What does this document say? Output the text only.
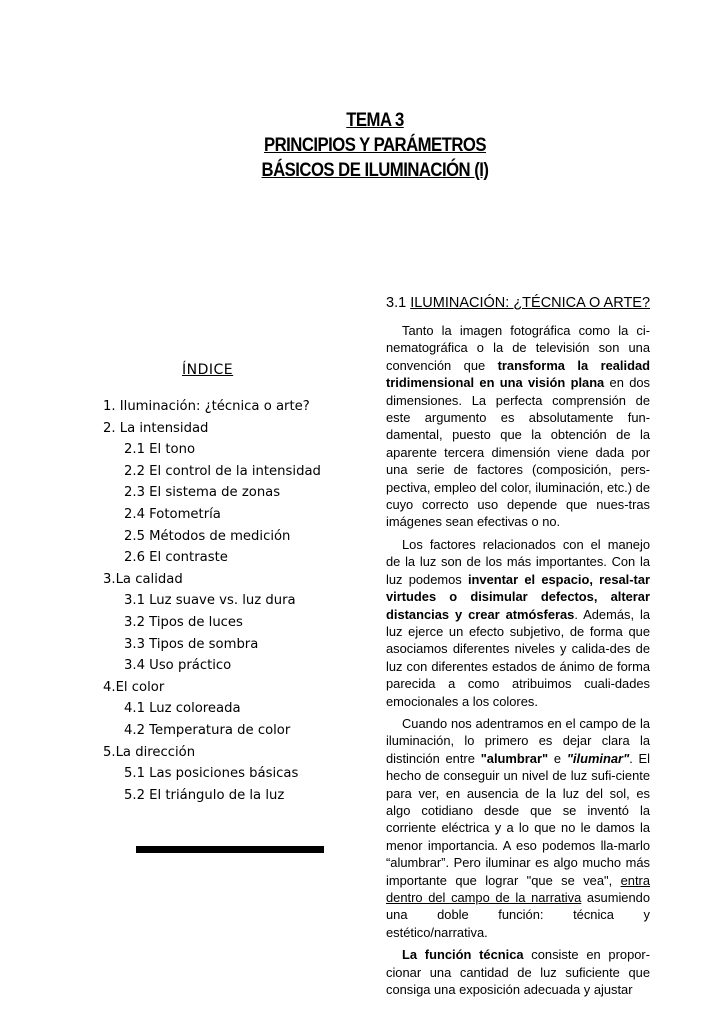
TEMA 3
PRINCIPIOS Y PARÁMETROS
BÁSICOS DE ILUMINACIÓN (I)
ÍNDICE
1. Iluminación: ¿técnica o arte?
2. La intensidad
2.1 El tono
2.2 El control de la intensidad
2.3 El sistema de zonas
2.4 Fotometría
2.5 Métodos de medición
2.6 El contraste
3.La calidad
3.1 Luz suave vs. luz dura
3.2 Tipos de luces
3.3 Tipos de sombra
3.4 Uso práctico
4.El color
4.1 Luz coloreada
4.2 Temperatura de color
5.La dirección
5.1 Las posiciones básicas
5.2 El triángulo de la luz
3.1 ILUMINACIÓN: ¿TÉCNICA O ARTE?

Tanto la imagen fotográfica como la ci-nematográfica o la de televisión son una convención que transforma la realidad tridimensional en una visión plana en dos dimensiones. La perfecta comprensión de este argumento es absolutamente fun-damental, puesto que la obtención de la aparente tercera dimensión viene dada por una serie de factores (composición, pers-pectiva, empleo del color, iluminación, etc.) de cuyo correcto uso depende que nues-tras imágenes sean efectivas o no.

Los factores relacionados con el manejo de la luz son de los más importantes. Con la luz podemos inventar el espacio, resal-tar virtudes o disimular defectos, alterar distancias y crear atmósferas. Además, la luz ejerce un efecto subjetivo, de forma que asociamos diferentes niveles y calida-des de luz con diferentes estados de ánimo de forma parecida a como atribuimos cuali-dades emocionales a los colores.

Cuando nos adentramos en el campo de la iluminación, lo primero es dejar clara la distinción entre "alumbrar" e "iluminar". El hecho de conseguir un nivel de luz sufi-ciente para ver, en ausencia de la luz del sol, es algo cotidiano desde que se inventó la corriente eléctrica y a lo que no le damos la menor importancia. A eso podemos lla-marlo “alumbrar”. Pero iluminar es algo mucho más importante que lograr "que se vea", entra dentro del campo de la narrativa asumiendo una doble función: técnica y estético/narrativa.

La función técnica consiste en propor-cionar una cantidad de luz suficiente que consiga una exposición adecuada y ajustar
